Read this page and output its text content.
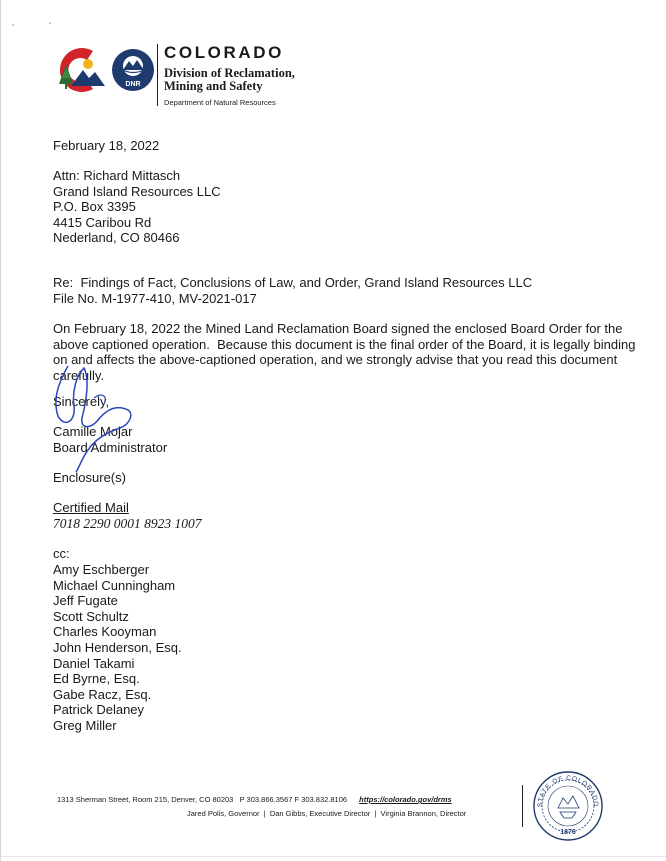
DNR
COLORADO
Division of Reclamation,
Mining and Safety
Department of Natural Resources
February 18, 2022
Attn: Richard Mittasch
Grand Island Resources LLC
P.O. Box 3395
4415 Caribou Rd
Nederland, CO 80466
Re:  Findings of Fact, Conclusions of Law, and Order, Grand Island Resources LLC
File No. M-1977-410, MV-2021-017
On February 18, 2022 the Mined Land Reclamation Board signed the enclosed Board Order for the above captioned operation.  Because this document is the final order of the Board, it is legally binding on and affects the above-captioned operation, and we strongly advise that you read this document carefully.
Sincerely,
Camille Mojar
Board Administrator
Enclosure(s)
Certified Mail
7018 2290 0001 8923 1007
cc:
Amy Eschberger
Michael Cunningham
Jeff Fugate
Scott Schultz
Charles Kooyman
John Henderson, Esq.
Daniel Takami
Ed Byrne, Esq.
Gabe Racz, Esq.
Patrick Delaney
Greg Miller
1313 Sherman Street, Room 215, Denver, CO 80203   P 303.866.3567 F 303.832.8106 https://colorado.gov/drms
Jared Polis, Governor  |  Dan Gibbs, Executive Director  |  Virginia Brannon, Director
STATE OF COLORADO
1876
